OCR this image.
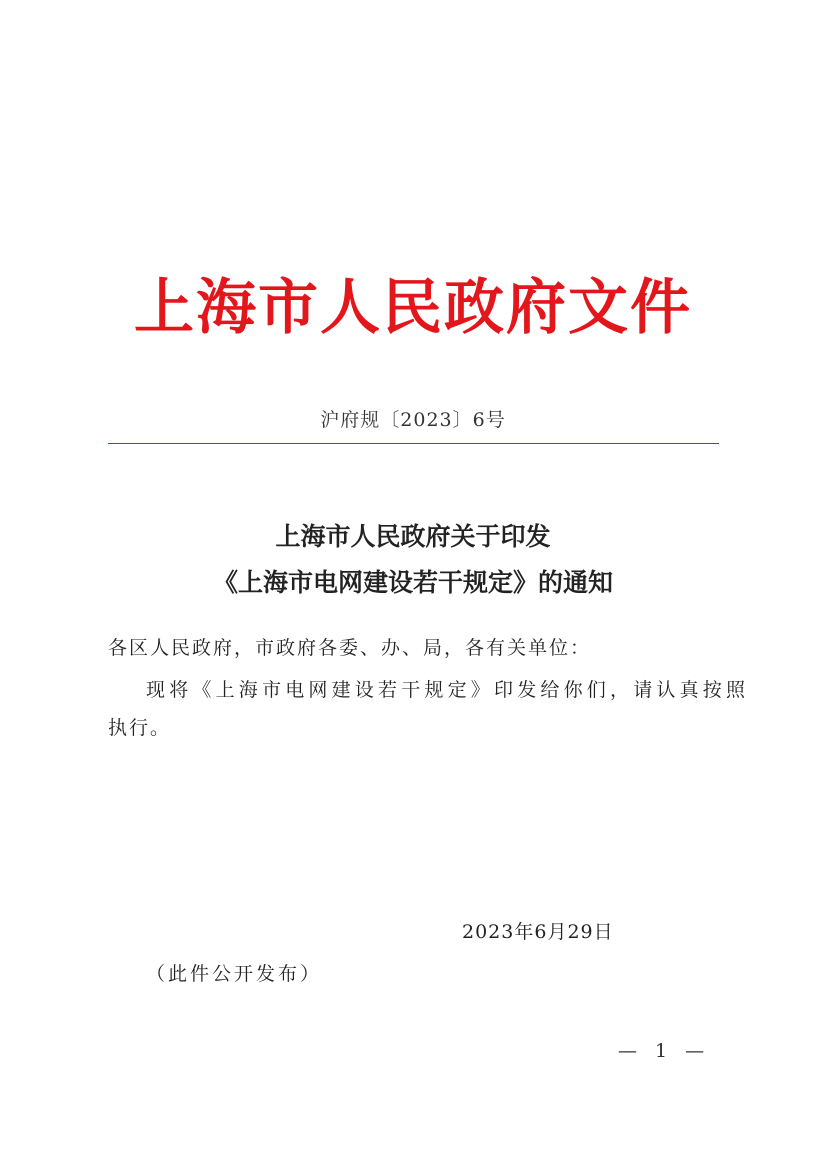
上海市人民政府文件
沪府规〔2023〕6号
上海市人民政府关于印发
《上海市电网建设若干规定》的通知
各区人民政府，市政府各委、办、局，各有关单位：
现将《上海市电网建设若干规定》印发给你们，请认真按照
执行。
2023年6月29日
（此件公开发布）
— 1 —
